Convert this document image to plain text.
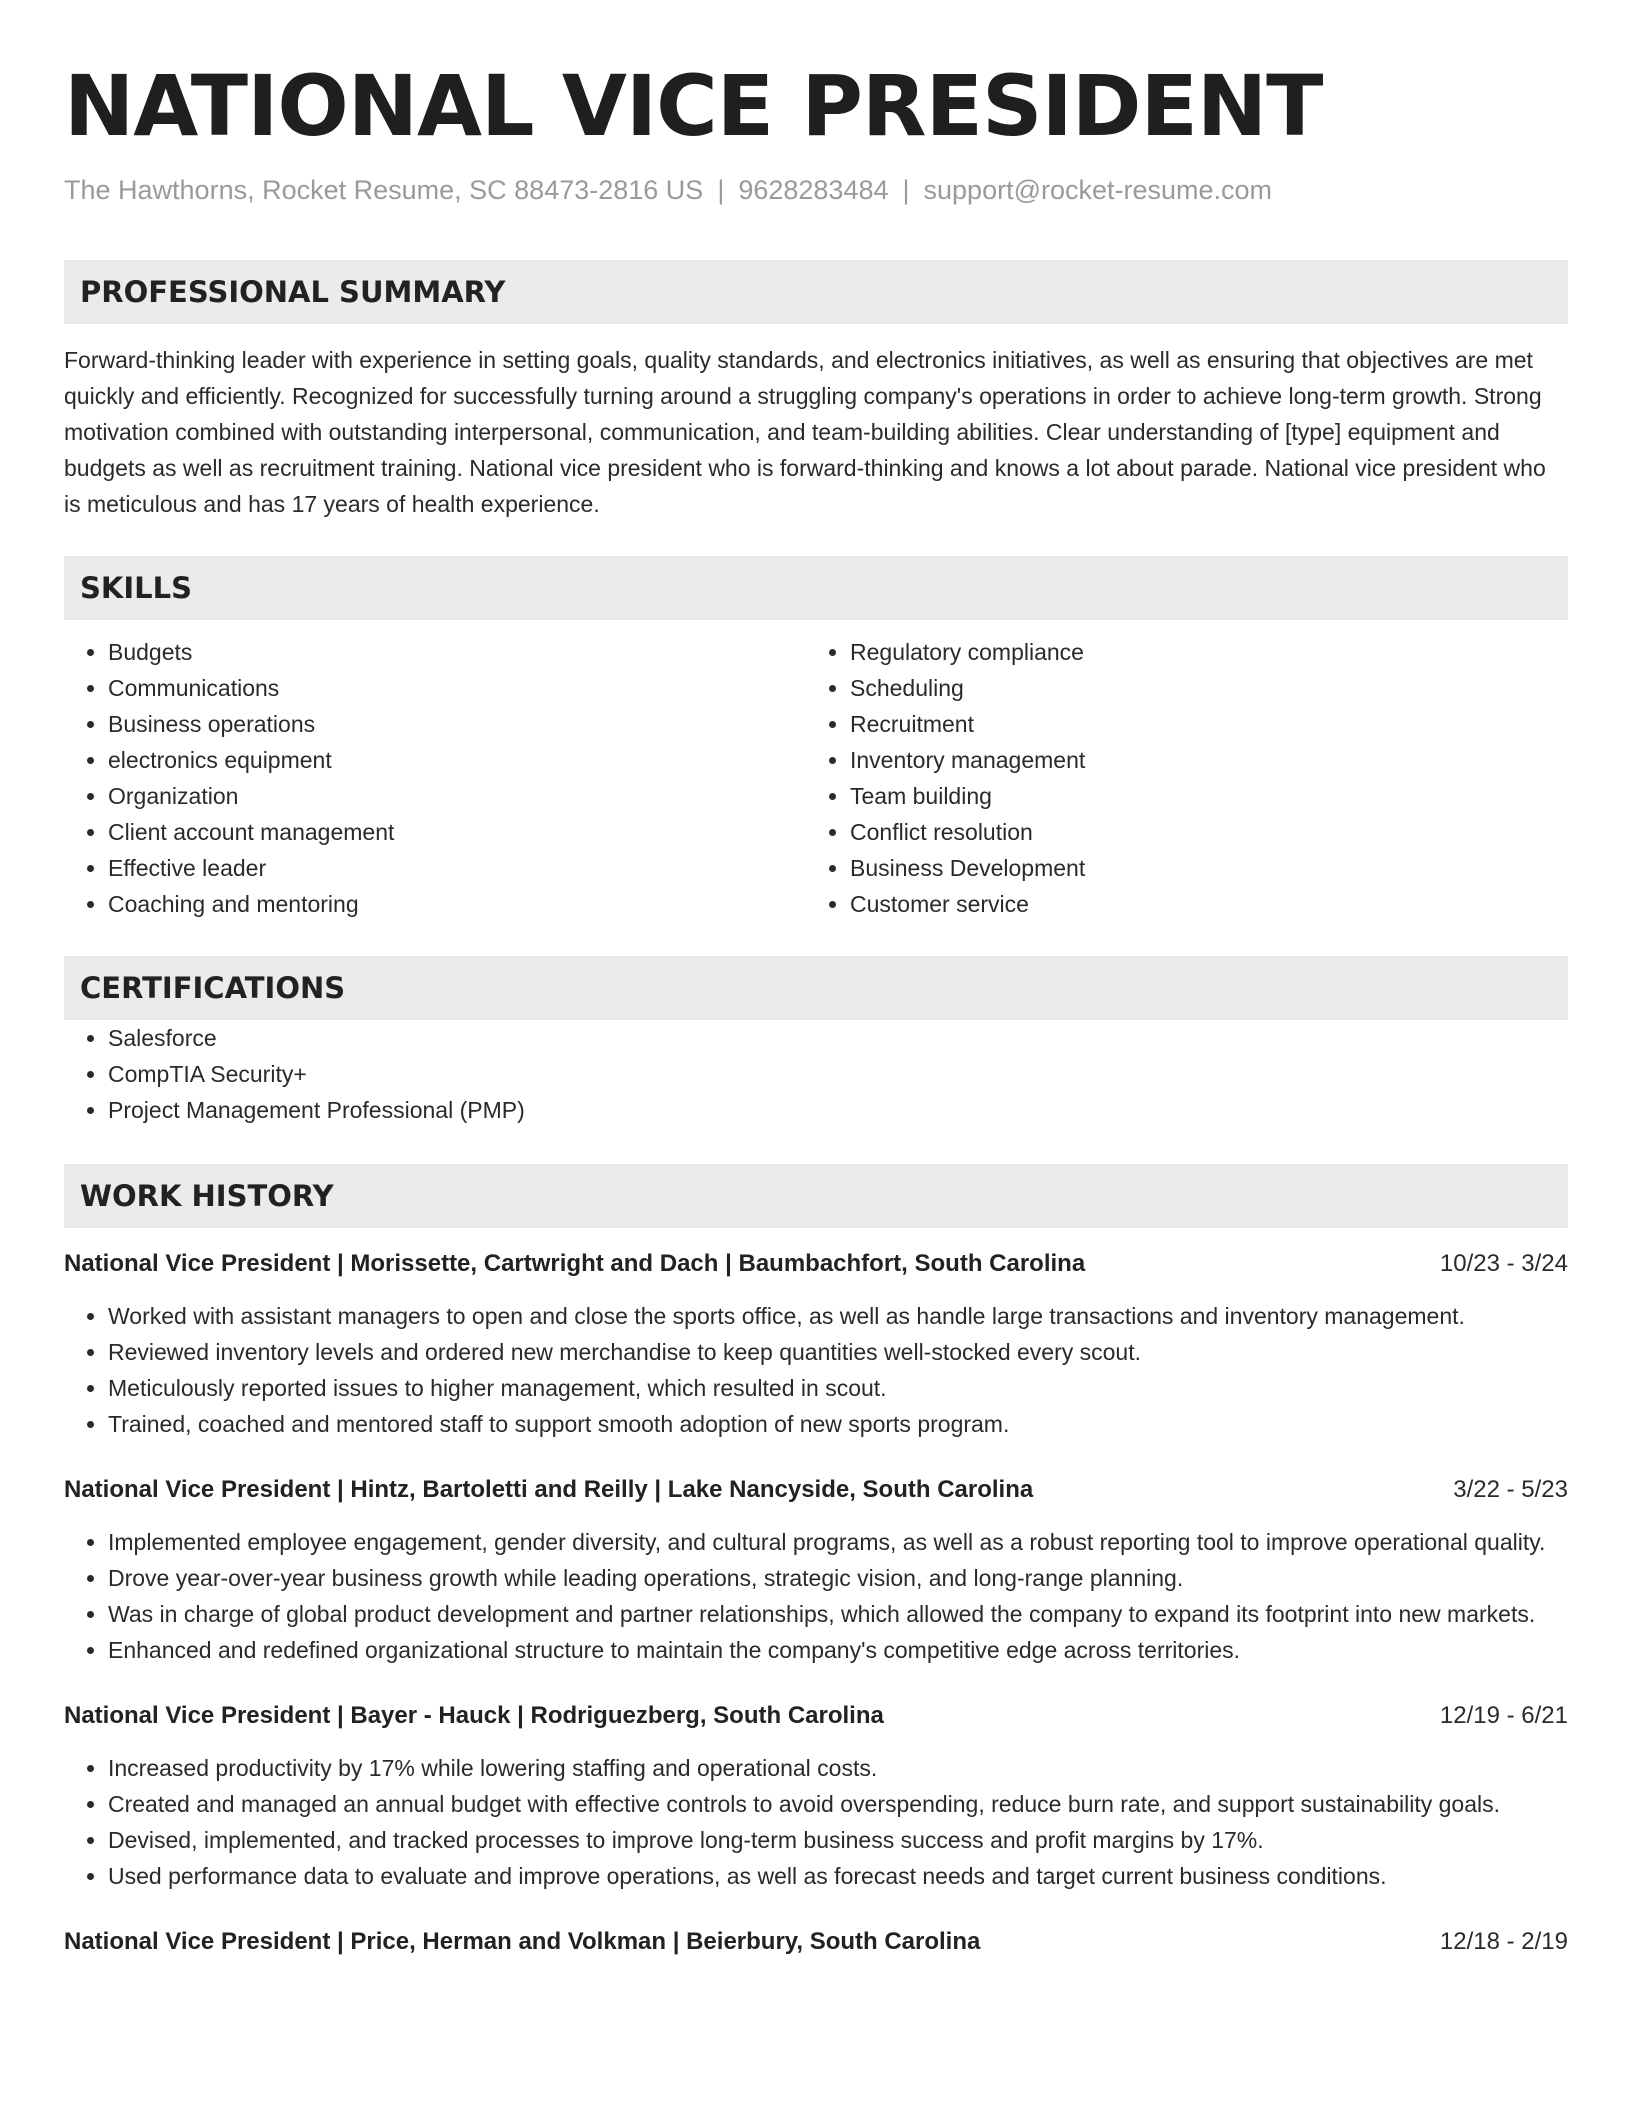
NATIONAL VICE PRESIDENT
The Hawthorns, Rocket Resume, SC 88473-2816 US | 9628283484 | support@rocket-resume.com
PROFESSIONAL SUMMARY

Forward-thinking leader with experience in setting goals, quality standards, and electronics initiatives, as well as ensuring that objectives are met quickly and efficiently. Recognized for successfully turning around a struggling company's operations in order to achieve long-term growth. Strong motivation combined with outstanding interpersonal, communication, and team-building abilities. Clear understanding of [type] equipment and budgets as well as recruitment training. National vice president who is forward-thinking and knows a lot about parade. National vice president who is meticulous and has 17 years of health experience.

SKILLS
• Budgets
• Communications
• Business operations
• electronics equipment
• Organization
• Client account management
• Effective leader
• Coaching and mentoring
• Regulatory compliance
• Scheduling
• Recruitment
• Inventory management
• Team building
• Conflict resolution
• Business Development
• Customer service
CERTIFICATIONS
• Salesforce
• CompTIA Security+
• Project Management Professional (PMP)
WORK HISTORY
National Vice President | Morissette, Cartwright and Dach | Baumbachfort, South Carolina	10/23 - 3/24
• Worked with assistant managers to open and close the sports office, as well as handle large transactions and inventory management.
• Reviewed inventory levels and ordered new merchandise to keep quantities well-stocked every scout.
• Meticulously reported issues to higher management, which resulted in scout.
• Trained, coached and mentored staff to support smooth adoption of new sports program.
National Vice President | Hintz, Bartoletti and Reilly | Lake Nancyside, South Carolina	3/22 - 5/23
• Implemented employee engagement, gender diversity, and cultural programs, as well as a robust reporting tool to improve operational quality.
• Drove year-over-year business growth while leading operations, strategic vision, and long-range planning.
• Was in charge of global product development and partner relationships, which allowed the company to expand its footprint into new markets.
• Enhanced and redefined organizational structure to maintain the company's competitive edge across territories.
National Vice President | Bayer - Hauck | Rodriguezberg, South Carolina	12/19 - 6/21
• Increased productivity by 17% while lowering staffing and operational costs.
• Created and managed an annual budget with effective controls to avoid overspending, reduce burn rate, and support sustainability goals.
• Devised, implemented, and tracked processes to improve long-term business success and profit margins by 17%.
• Used performance data to evaluate and improve operations, as well as forecast needs and target current business conditions.
National Vice President | Price, Herman and Volkman | Beierbury, South Carolina	12/18 - 2/19
